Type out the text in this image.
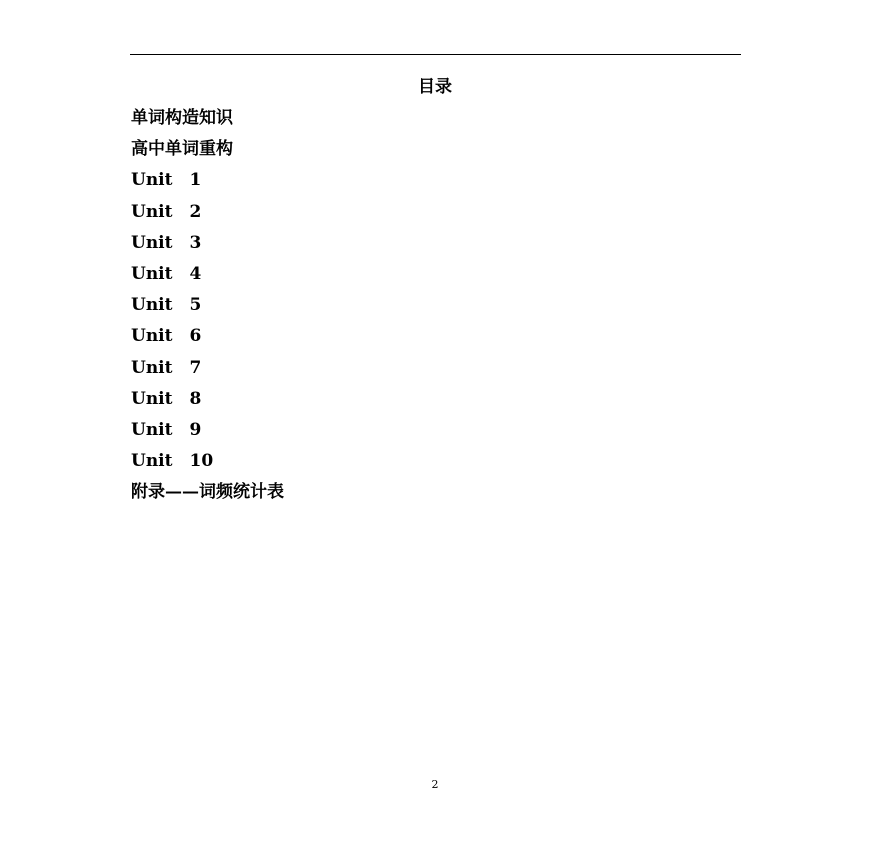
目录
单词构造知识
高中单词重构
Unit　1
Unit　2
Unit　3
Unit　4
Unit　5
Unit　6
Unit　7
Unit　8
Unit　9
Unit　10
附录——词频统计表
2
